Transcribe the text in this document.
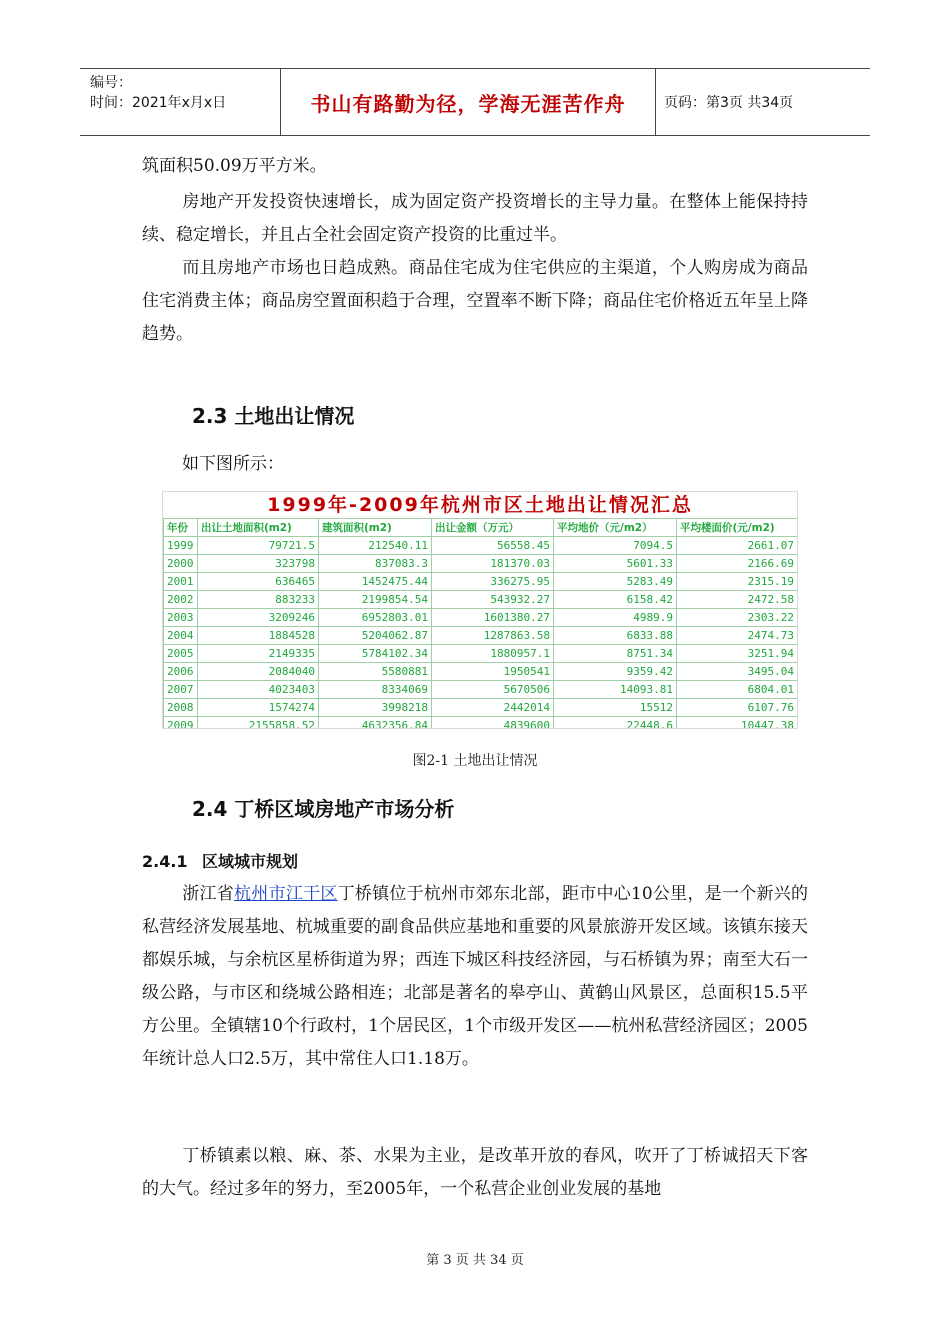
编号：
时间：2021年x月x日	书山有路勤为径，学海无涯苦作舟	页码：第3页 共34页

筑面积50.09万平方米。

房地产开发投资快速增长，成为固定资产投资增长的主导力量。在整体上能保持持续、稳定增长，并且占全社会固定资产投资的比重过半。

而且房地产市场也日趋成熟。商品住宅成为住宅供应的主渠道，个人购房成为商品住宅消费主体；商品房空置面积趋于合理，空置率不断下降；商品住宅价格近五年呈上降趋势。

2.3 土地出让情况

如下图所示：

1999年-2009年杭州市区土地出让情况汇总
年份	出让土地面积(m2)	建筑面积(m2)	出让金额（万元）	平均地价（元/m2）	平均楼面价(元/m2)
1999	79721.5	212540.11	56558.45	7094.5	2661.07
2000	323798	837083.3	181370.03	5601.33	2166.69
2001	636465	1452475.44	336275.95	5283.49	2315.19
2002	883233	2199854.54	543932.27	6158.42	2472.58
2003	3209246	6952803.01	1601380.27	4989.9	2303.22
2004	1884528	5204062.87	1287863.58	6833.88	2474.73
2005	2149335	5784102.34	1880957.1	8751.34	3251.94
2006	2084040	5580881	1950541	9359.42	3495.04
2007	4023403	8334069	5670506	14093.81	6804.01
2008	1574274	3998218	2442014	15512	6107.76
2009	2155858.52	4632356.84	4839600	22448.6	10447.38
图2-1 土地出让情况
2.4 丁桥区域房地产市场分析
2.4.1 区域城市规划

浙江省杭州市江干区丁桥镇位于杭州市郊东北部，距市中心10公里，是一个新兴的私营经济发展基地、杭城重要的副食品供应基地和重要的风景旅游开发区域。该镇东接天都娱乐城，与余杭区星桥街道为界；西连下城区科技经济园，与石桥镇为界；南至大石一级公路，与市区和绕城公路相连；北部是著名的皋亭山、黄鹤山风景区，总面积15.5平方公里。全镇辖10个行政村，1个居民区，1个市级开发区——杭州私营经济园区；2005年统计总人口2.5万，其中常住人口1.18万。

丁桥镇素以粮、麻、茶、水果为主业，是改革开放的春风，吹开了丁桥诚招天下客的大气。经过多年的努力，至2005年，一个私营企业创业发展的基地

第 3 页 共 34 页
